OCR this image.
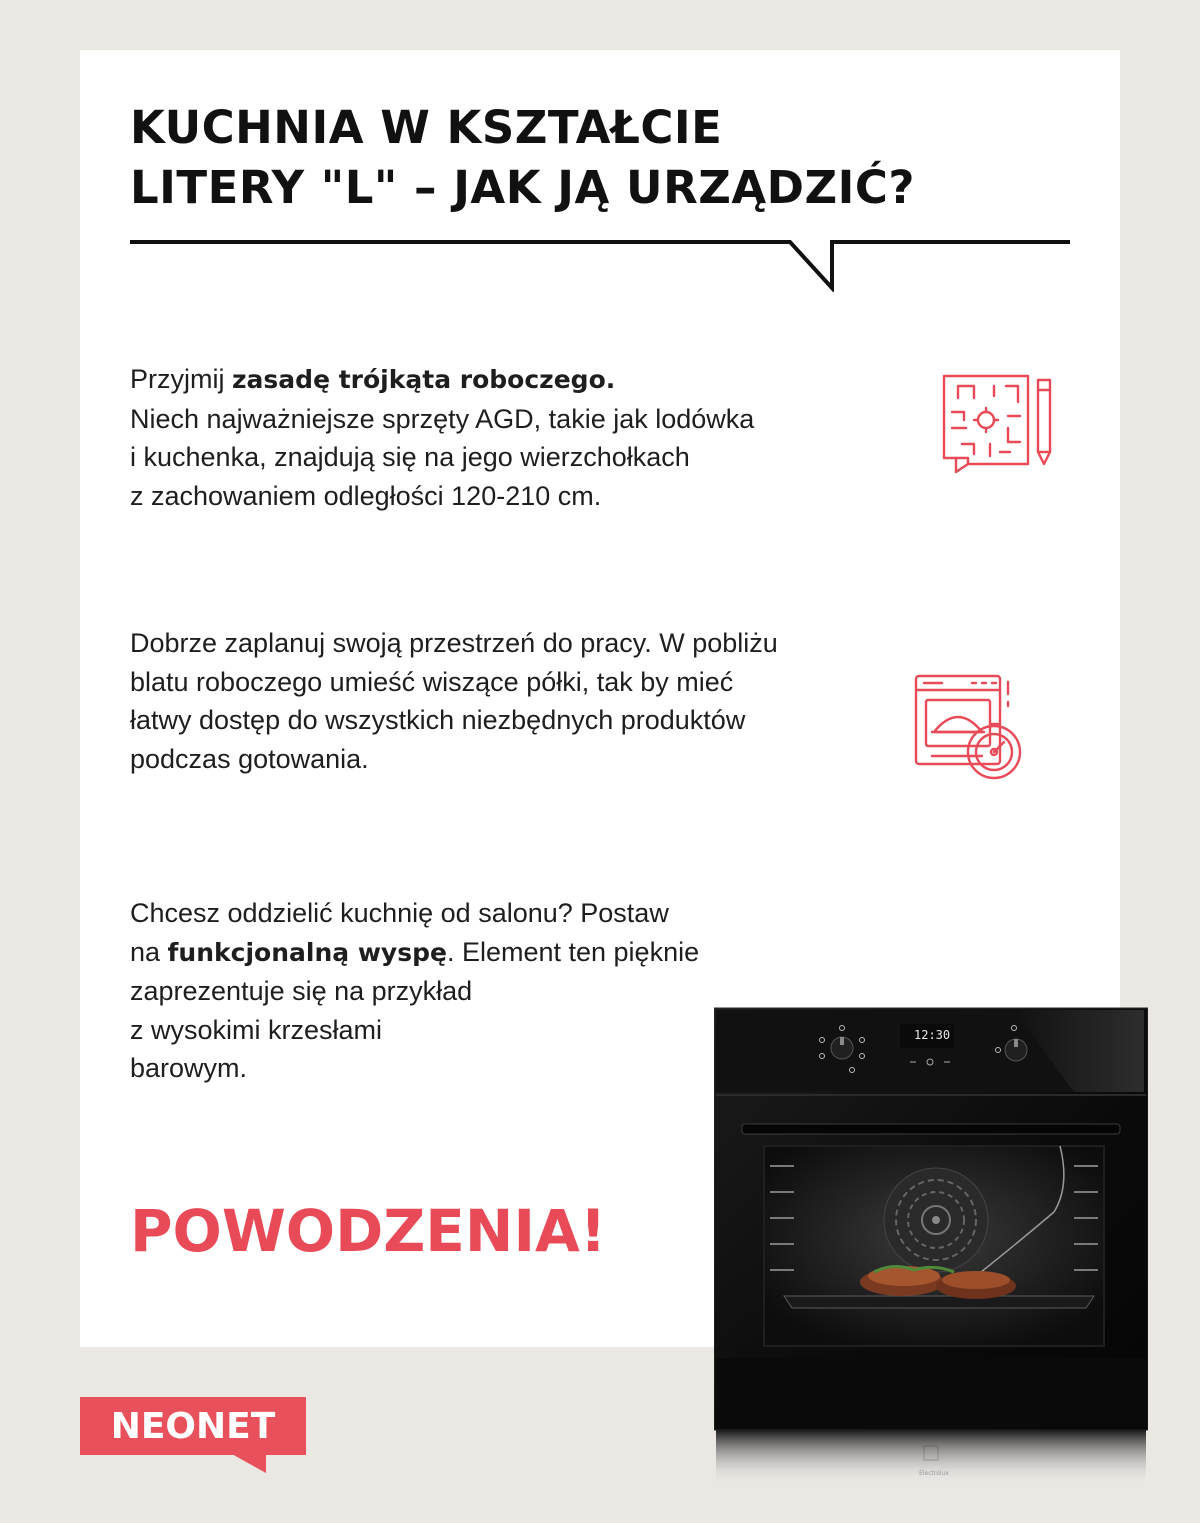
KUCHNIA W KSZTAŁCIE
LITERY "L" – JAK JĄ URZĄDZIĆ?

Przyjmij zasadę trójkąta roboczego.
Niech najważniejsze sprzęty AGD, takie jak lodówka
i kuchenka, znajdują się na jego wierzchołkach
z zachowaniem odległości 120-210 cm.

Dobrze zaplanuj swoją przestrzeń do pracy. W pobliżu
blatu roboczego umieść wiszące półki, tak by mieć
łatwy dostęp do wszystkich niezbędnych produktów
podczas gotowania.

Chcesz oddzielić kuchnię od salonu? Postaw
na funkcjonalną wyspę. Element ten pięknie
zaprezentuje się na przykład
z wysokimi krzesłami
barowym.

POWODZENIA!
12:30
Electrolux
NEONET
